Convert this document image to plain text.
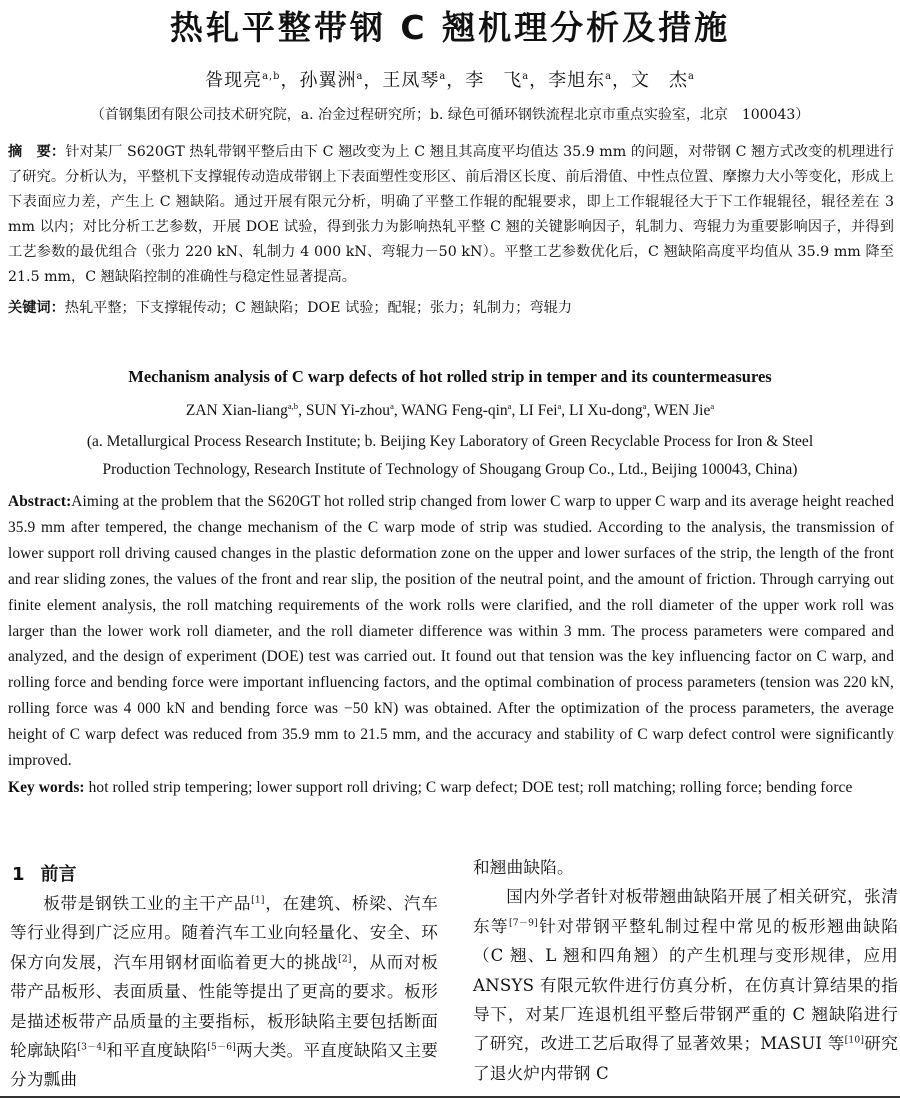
热轧平整带钢 C 翘机理分析及措施
昝现亮$^{a,b}$，孙翼洲$^a$，王凤琴$^a$，李　飞$^a$，李旭东$^a$，文　杰$^a$
（首钢集团有限公司技术研究院，a. 冶金过程研究所；b. 绿色可循环钢铁流程北京市重点实验室，北京　100043）
摘　要：针对某厂 S620GT 热轧带钢平整后由下 C 翘改变为上 C 翘且其高度平均值达 35.9 mm 的问题，对带钢 C 翘方式改变的机理进行了研究。分析认为，平整机下支撑辊传动造成带钢上下表面塑性变形区、前后滑区长度、前后滑值、中性点位置、摩擦力大小等变化，形成上下表面应力差，产生上 C 翘缺陷。通过开展有限元分析，明确了平整工作辊的配辊要求，即上工作辊辊径大于下工作辊辊径，辊径差在 3 mm 以内；对比分析工艺参数，开展 DOE 试验，得到张力为影响热轧平整 C 翘的关键影响因子，轧制力、弯辊力为重要影响因子，并得到工艺参数的最优组合（张力 220 kN、轧制力 4 000 kN、弯辊力－50 kN）。平整工艺参数优化后，C 翘缺陷高度平均值从 35.9 mm 降至 21.5 mm，C 翘缺陷控制的准确性与稳定性显著提高。
关键词：热轧平整；下支撑辊传动；C 翘缺陷；DOE 试验；配辊；张力；轧制力；弯辊力
Mechanism analysis of C warp defects of hot rolled strip in temper and its countermeasures
ZAN Xian-liang$^{a,b}$, SUN Yi-zhou$^a$, WANG Feng-qin$^a$, LI Fei$^a$, LI Xu-dong$^a$, WEN Jie$^a$
(a. Metallurgical Process Research Institute; b. Beijing Key Laboratory of Green Recyclable Process for Iron & Steel
Production Technology, Research Institute of Technology of Shougang Group Co., Ltd., Beijing 100043, China)
Abstract:Aiming at the problem that the S620GT hot rolled strip changed from lower C warp to upper C warp and its average height reached 35.9 mm after tempered, the change mechanism of the C warp mode of strip was studied. According to the analysis, the transmission of lower support roll driving caused changes in the plastic deformation zone on the upper and lower surfaces of the strip, the length of the front and rear sliding zones, the values of the front and rear slip, the position of the neutral point, and the amount of friction. Through carrying out finite element analysis, the roll matching requirements of the work rolls were clarified, and the roll diameter of the upper work roll was larger than the lower work roll diameter, and the roll diameter difference was within 3 mm. The process parameters were compared and analyzed, and the design of experiment (DOE) test was carried out. It found out that tension was the key influencing factor on C warp, and rolling force and bending force were important influencing factors, and the optimal combination of process parameters (tension was 220 kN, rolling force was 4 000 kN and bending force was −50 kN) was obtained. After the optimization of the process parameters, the average height of C warp defect was reduced from 35.9 mm to 21.5 mm, and the accuracy and stability of C warp defect control were significantly improved.
Key words: hot rolled strip tempering; lower support roll driving; C warp defect; DOE test; roll matching; rolling force; bending force
1 前言
板带是钢铁工业的主干产品[1]，在建筑、桥梁、汽车等行业得到广泛应用。随着汽车工业向轻量化、安全、环保方向发展，汽车用钢材面临着更大的挑战[2]，从而对板带产品板形、表面质量、性能等提出了更高的要求。板形是描述板带产品质量的主要指标，板形缺陷主要包括断面轮廓缺陷[3－4]和平直度缺陷[5－6]两大类。平直度缺陷又主要分为瓢曲
和翘曲缺陷。
国内外学者针对板带翘曲缺陷开展了相关研究，张清东等[7－9]针对带钢平整轧制过程中常见的板形翘曲缺陷（C 翘、L 翘和四角翘）的产生机理与变形规律，应用 ANSYS 有限元软件进行仿真分析，在仿真计算结果的指导下，对某厂连退机组平整后带钢严重的 C 翘缺陷进行了研究，改进工艺后取得了显著效果；MASUI 等[10]研究了退火炉内带钢 C
